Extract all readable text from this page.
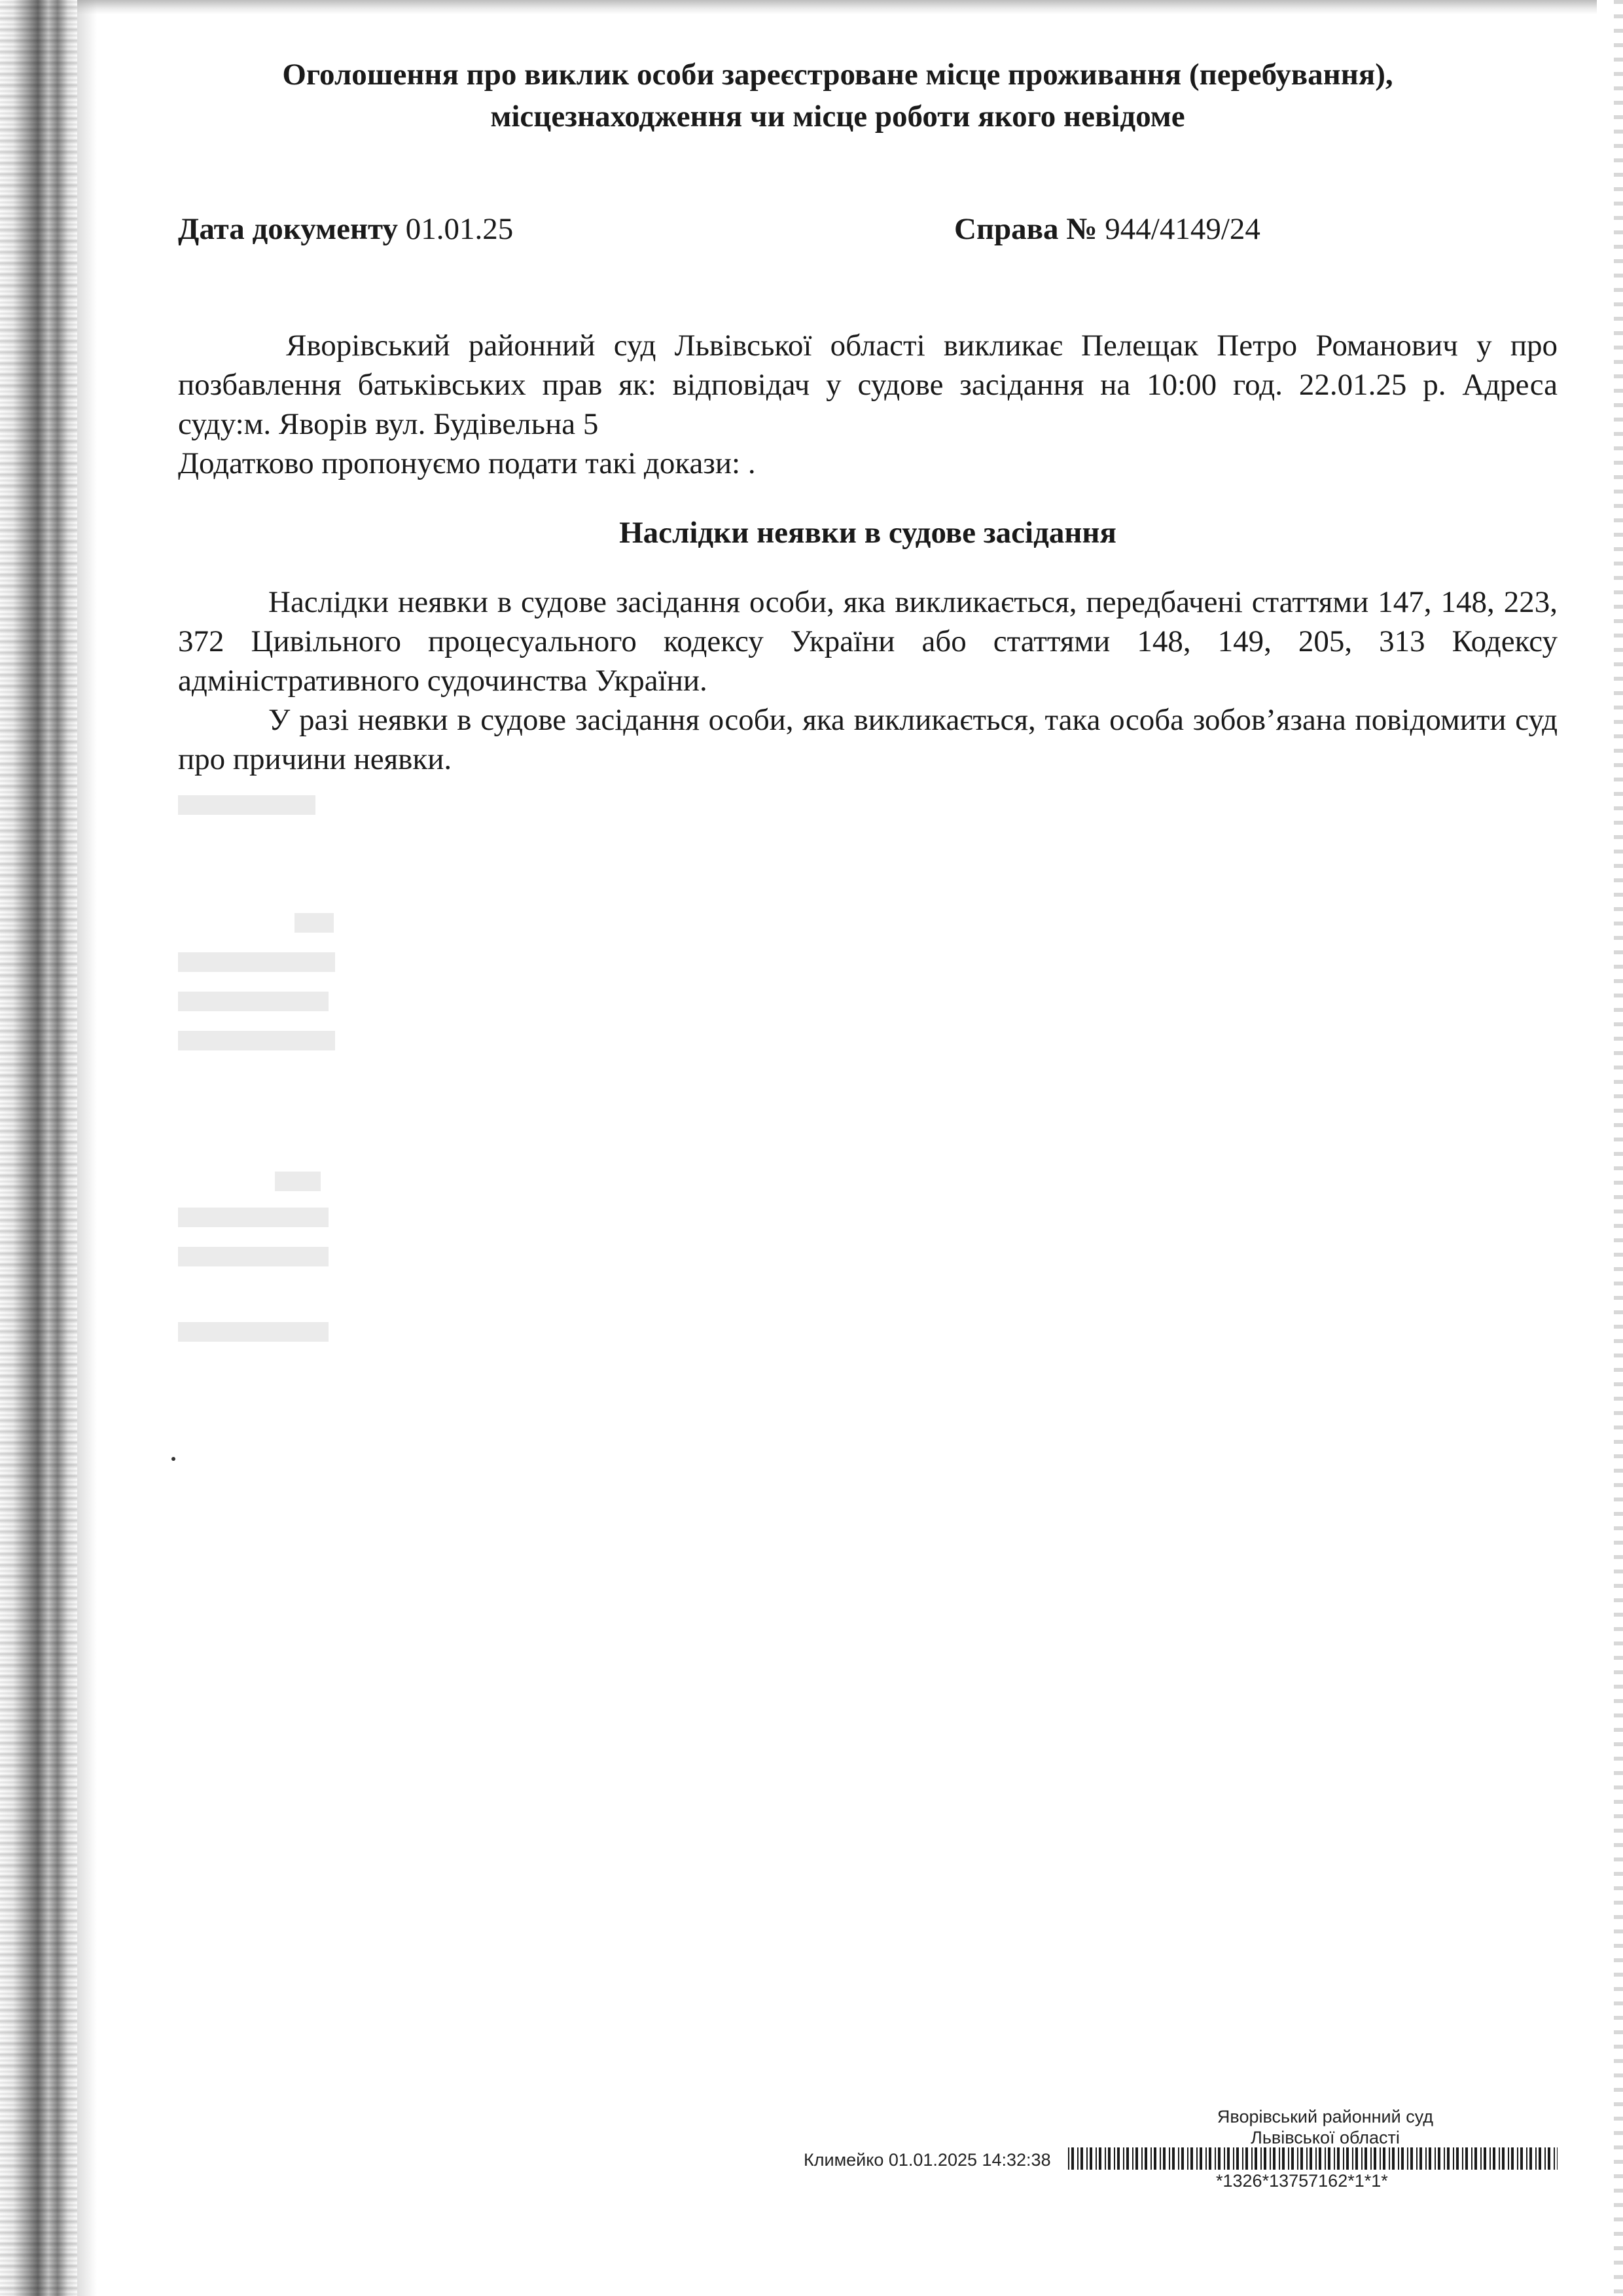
Оголошення про виклик особи зареєстроване місце проживання (перебування), місцезнаходження чи місце роботи якого невідоме
Дата документу 01.01.25	Справа № 944/4149/24
Яворівський районний суд Львівської області викликає Пелещак Петро Романович у про
позбавлення батьківських прав як: відповідач у судове засідання на 10:00 год. 22.01.25 р. Адреса
суду:м. Яворів вул. Будівельна 5
Додатково пропонуємо подати такі докази: .
Наслідки неявки в судове засідання

Наслідки неявки в судове засідання особи, яка викликається, передбачені статтями 147, 148, 223, 372 Цивільного процесуального кодексу України або статтями 148, 149, 205, 313 Кодексу адміністративного судочинства України.

У разі неявки в судове засідання особи, яка викликається, така особа зобов’язана повідомити суд про причини неявки.

Яворівський районний суд
Львівської області
Климейко 01.01.2025 14:32:38
*1326*13757162*1*1*
